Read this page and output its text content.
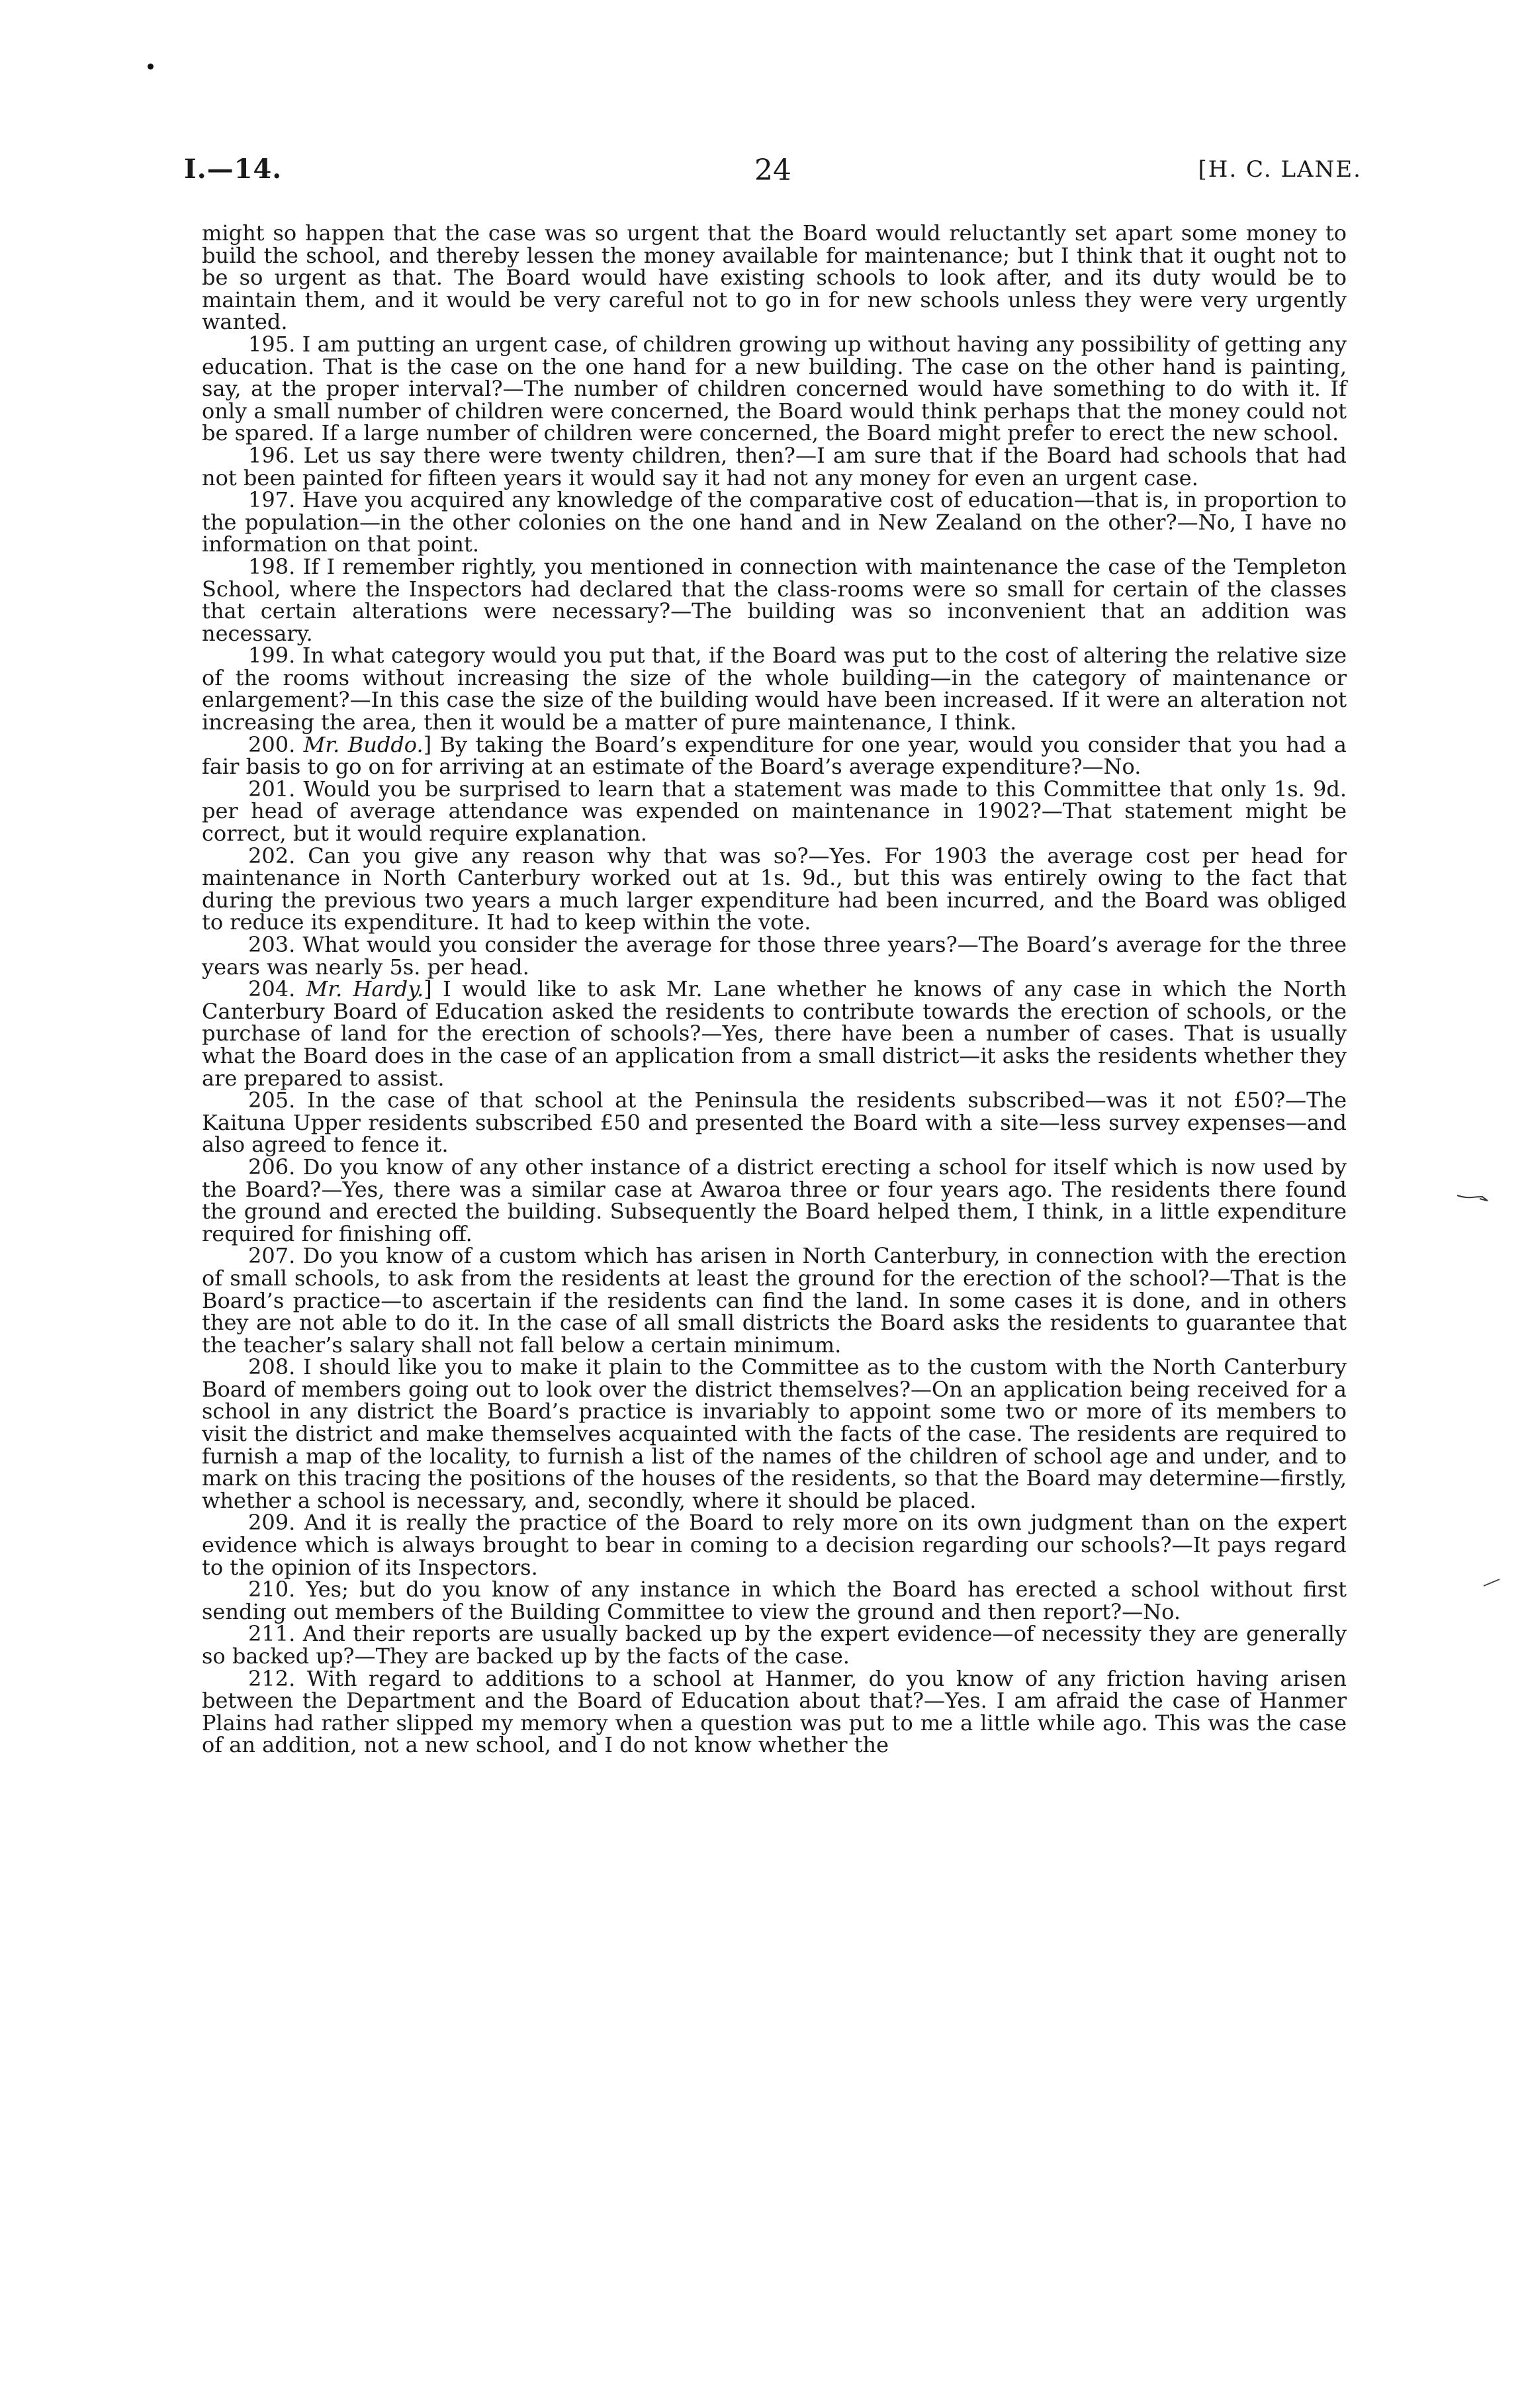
I.—14.	24	[H. C. LANE.

might so happen that the case was so urgent that the Board would reluctantly set apart some money to build the school, and thereby lessen the money available for maintenance; but I think that it ought not to be so urgent as that. The Board would have existing schools to look after, and its duty would be to maintain them, and it would be very careful not to go in for new schools unless they were very urgently wanted.

195. I am putting an urgent case, of children growing up without having any possibility of getting any education. That is the case on the one hand for a new building. The case on the other hand is painting, say, at the proper interval?—The number of children concerned would have something to do with it. If only a small number of children were concerned, the Board would think perhaps that the money could not be spared. If a large number of children were concerned, the Board might prefer to erect the new school.

196. Let us say there were twenty children, then?—I am sure that if the Board had schools that had not been painted for fifteen years it would say it had not any money for even an urgent case.

197. Have you acquired any knowledge of the comparative cost of education—that is, in proportion to the population—in the other colonies on the one hand and in New Zealand on the other?—No, I have no information on that point.

198. If I remember rightly, you mentioned in connection with maintenance the case of the Templeton School, where the Inspectors had declared that the class-rooms were so small for certain of the classes that certain alterations were necessary?—The building was so inconvenient that an addition was necessary.

199. In what category would you put that, if the Board was put to the cost of altering the relative size of the rooms without increasing the size of the whole building—in the category of maintenance or enlargement?—In this case the size of the building would have been increased. If it were an alteration not increasing the area, then it would be a matter of pure maintenance, I think.

200. Mr. Buddo.] By taking the Board’s expenditure for one year, would you consider that you had a fair basis to go on for arriving at an estimate of the Board’s average expenditure?—No.

201. Would you be surprised to learn that a statement was made to this Committee that only 1s. 9d. per head of average attendance was expended on maintenance in 1902?—That statement might be correct, but it would require explanation.

202. Can you give any reason why that was so?—Yes. For 1903 the average cost per head for maintenance in North Canterbury worked out at 1s. 9d., but this was entirely owing to the fact that during the previous two years a much larger expenditure had been incurred, and the Board was obliged to reduce its expenditure. It had to keep within the vote.

203. What would you consider the average for those three years?—The Board’s average for the three years was nearly 5s. per head.

204. Mr. Hardy.] I would like to ask Mr. Lane whether he knows of any case in which the North Canterbury Board of Education asked the residents to contribute towards the erection of schools, or the purchase of land for the erection of schools?—Yes, there have been a number of cases. That is usually what the Board does in the case of an application from a small district—it asks the residents whether they are prepared to assist.

205. In the case of that school at the Peninsula the residents subscribed—was it not £50?—The Kaituna Upper residents subscribed £50 and presented the Board with a site—less survey expenses—and also agreed to fence it.

206. Do you know of any other instance of a district erecting a school for itself which is now used by the Board?—Yes, there was a similar case at Awaroa three or four years ago. The residents there found the ground and erected the building. Subsequently the Board helped them, I think, in a little expenditure required for finishing off.

207. Do you know of a custom which has arisen in North Canterbury, in connection with the erection of small schools, to ask from the residents at least the ground for the erection of the school?—That is the Board’s practice—to ascertain if the residents can find the land. In some cases it is done, and in others they are not able to do it. In the case of all small districts the Board asks the residents to guarantee that the teacher’s salary shall not fall below a certain minimum.

208. I should like you to make it plain to the Committee as to the custom with the North Canterbury Board of members going out to look over the district themselves?—On an application being received for a school in any district the Board’s practice is invariably to appoint some two or more of its members to visit the district and make themselves acquainted with the facts of the case. The residents are required to furnish a map of the locality, to furnish a list of the names of the children of school age and under, and to mark on this tracing the positions of the houses of the residents, so that the Board may determine—firstly, whether a school is necessary, and, secondly, where it should be placed.

209. And it is really the practice of the Board to rely more on its own judgment than on the expert evidence which is always brought to bear in coming to a decision regarding our schools?—It pays regard to the opinion of its Inspectors.

210. Yes; but do you know of any instance in which the Board has erected a school without first sending out members of the Building Committee to view the ground and then report?—No.

211. And their reports are usually backed up by the expert evidence—of necessity they are generally so backed up?—They are backed up by the facts of the case.

212. With regard to additions to a school at Hanmer, do you know of any friction having arisen between the Department and the Board of Education about that?—Yes. I am afraid the case of Hanmer Plains had rather slipped my memory when a question was put to me a little while ago. This was the case of an addition, not a new school, and I do not know whether the
